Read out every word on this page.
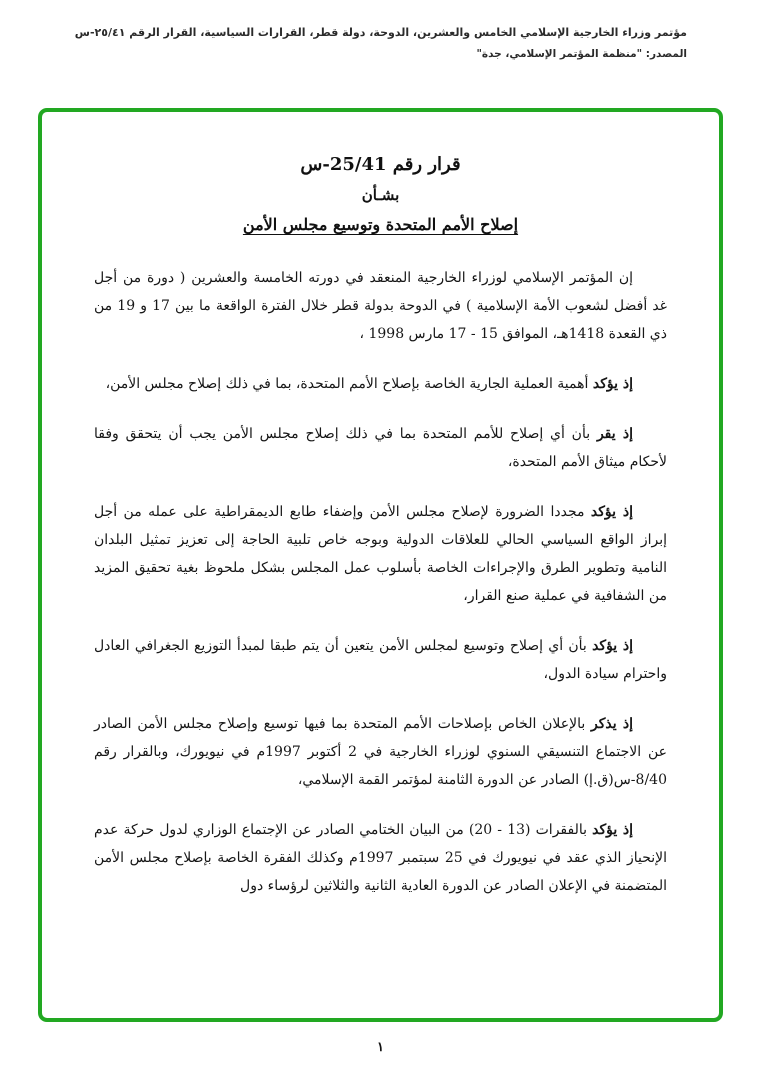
مؤتمر وزراء الخارجية الإسلامي الخامس والعشرين، الدوحة، دولة قطر، القرارات السياسية، القرار الرقم ٢٥/٤١-س
المصدر: "منظمة المؤتمر الإسلامي، جدة"
قرار رقم 25/41-س
بشـأن
إصلاح الأمم المتحدة وتوسيع مجلس الأمن

إن المؤتمر الإسلامي لوزراء الخارجية المنعقد في دورته الخامسة والعشرين ( دورة من أجل غد أفضل لشعوب الأمة الإسلامية ) في الدوحة بدولة قطر خلال الفترة الواقعة ما بين 17 و 19 من ذي القعدة 1418هـ، الموافق 15 - 17 مارس 1998 ،

إذ يؤكد أهمية العملية الجارية الخاصة بإصلاح الأمم المتحدة، بما في ذلك إصلاح مجلس الأمن،

إذ يقر بأن أي إصلاح للأمم المتحدة بما في ذلك إصلاح مجلس الأمن يجب أن يتحقق وفقا لأحكام ميثاق الأمم المتحدة،

إذ يؤكد مجددا الضرورة لإصلاح مجلس الأمن وإضفاء طابع الديمقراطية على عمله من أجل إبراز الواقع السياسي الحالي للعلاقات الدولية وبوجه خاص تلبية الحاجة إلى تعزيز تمثيل البلدان النامية وتطوير الطرق والإجراءات الخاصة بأسلوب عمل المجلس بشكل ملحوظ بغية تحقيق المزيد من الشفافية في عملية صنع القرار،

إذ يؤكد بأن أي إصلاح وتوسيع لمجلس الأمن يتعين أن يتم طبقا لمبدأ التوزيع الجغرافي العادل واحترام سيادة الدول،

إذ يذكر بالإعلان الخاص بإصلاحات الأمم المتحدة بما فيها توسيع وإصلاح مجلس الأمن الصادر عن الاجتماع التنسيقي السنوي لوزراء الخارجية في 2 أكتوبر 1997م في نيويورك، وبالقرار رقم 8/40-س(ق.إ) الصادر عن الدورة الثامنة لمؤتمر القمة الإسلامي،

إذ يؤكد بالفقرات (13 - 20) من البيان الختامي الصادر عن الإجتماع الوزاري لدول حركة عدم الإنحياز الذي عقد في نيويورك في 25 سبتمبر 1997م وكذلك الفقرة الخاصة بإصلاح مجلس الأمن المتضمنة في الإعلان الصادر عن الدورة العادية الثانية والثلاثين لرؤساء دول

١
